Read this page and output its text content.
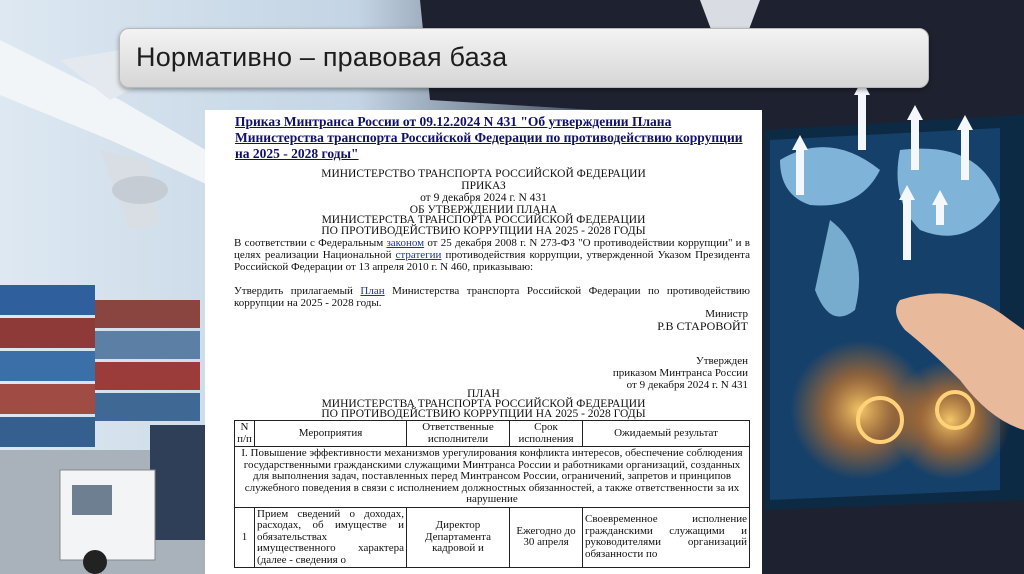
Нормативно – правовая база
Приказ Минтранса России от 09.12.2024 N 431 "Об утверждении Плана Министерства транспорта Российской Федерации по противодействию коррупции на 2025 - 2028 годы"
МИНИСТЕРСТВО ТРАНСПОРТА РОССИЙСКОЙ ФЕДЕРАЦИИ
ПРИКАЗ
от 9 декабря 2024 г. N 431
ОБ УТВЕРЖДЕНИИ ПЛАНА
МИНИСТЕРСТВА ТРАНСПОРТА РОССИЙСКОЙ ФЕДЕРАЦИИ
ПО ПРОТИВОДЕЙСТВИЮ КОРРУПЦИИ НА 2025 - 2028 ГОДЫ
В соответствии с Федеральным законом от 25 декабря 2008 г. N 273-ФЗ "О противодействии коррупции" и в целях реализации Национальной стратегии противодействия коррупции, утвержденной Указом Президента Российской Федерации от 13 апреля 2010 г. N 460, приказываю:
Утвердить прилагаемый План Министерства транспорта Российской Федерации по противодействию коррупции на 2025 - 2028 годы.
Министр
Р.В СТАРОВОЙТ
Утвержден
приказом Минтранса России
от 9 декабря 2024 г. N 431
ПЛАН
МИНИСТЕРСТВА ТРАНСПОРТА РОССИЙСКОЙ ФЕДЕРАЦИИ
ПО ПРОТИВОДЕЙСТВИЮ КОРРУПЦИИ НА 2025 - 2028 ГОДЫ
N п/п	Мероприятия	Ответственные исполнители	Срок исполнения	Ожидаемый результат
I. Повышение эффективности механизмов урегулирования конфликта интересов, обеспечение соблюдения государственными гражданскими служащими Минтранса России и работниками организаций, созданных для выполнения задач, поставленных перед Минтрансом России, ограничений, запретов и принципов служебного поведения в связи с исполнением должностных обязанностей, а также ответственности за их нарушение				
1	Прием сведений о доходах, расходах, об имуществе и обязательствах имущественного характера (далее - сведения о	Директор Департамента кадровой и	Ежегодно до 30 апреля	Своевременное исполнение гражданскими служащими и руководителями организаций обязанности по
